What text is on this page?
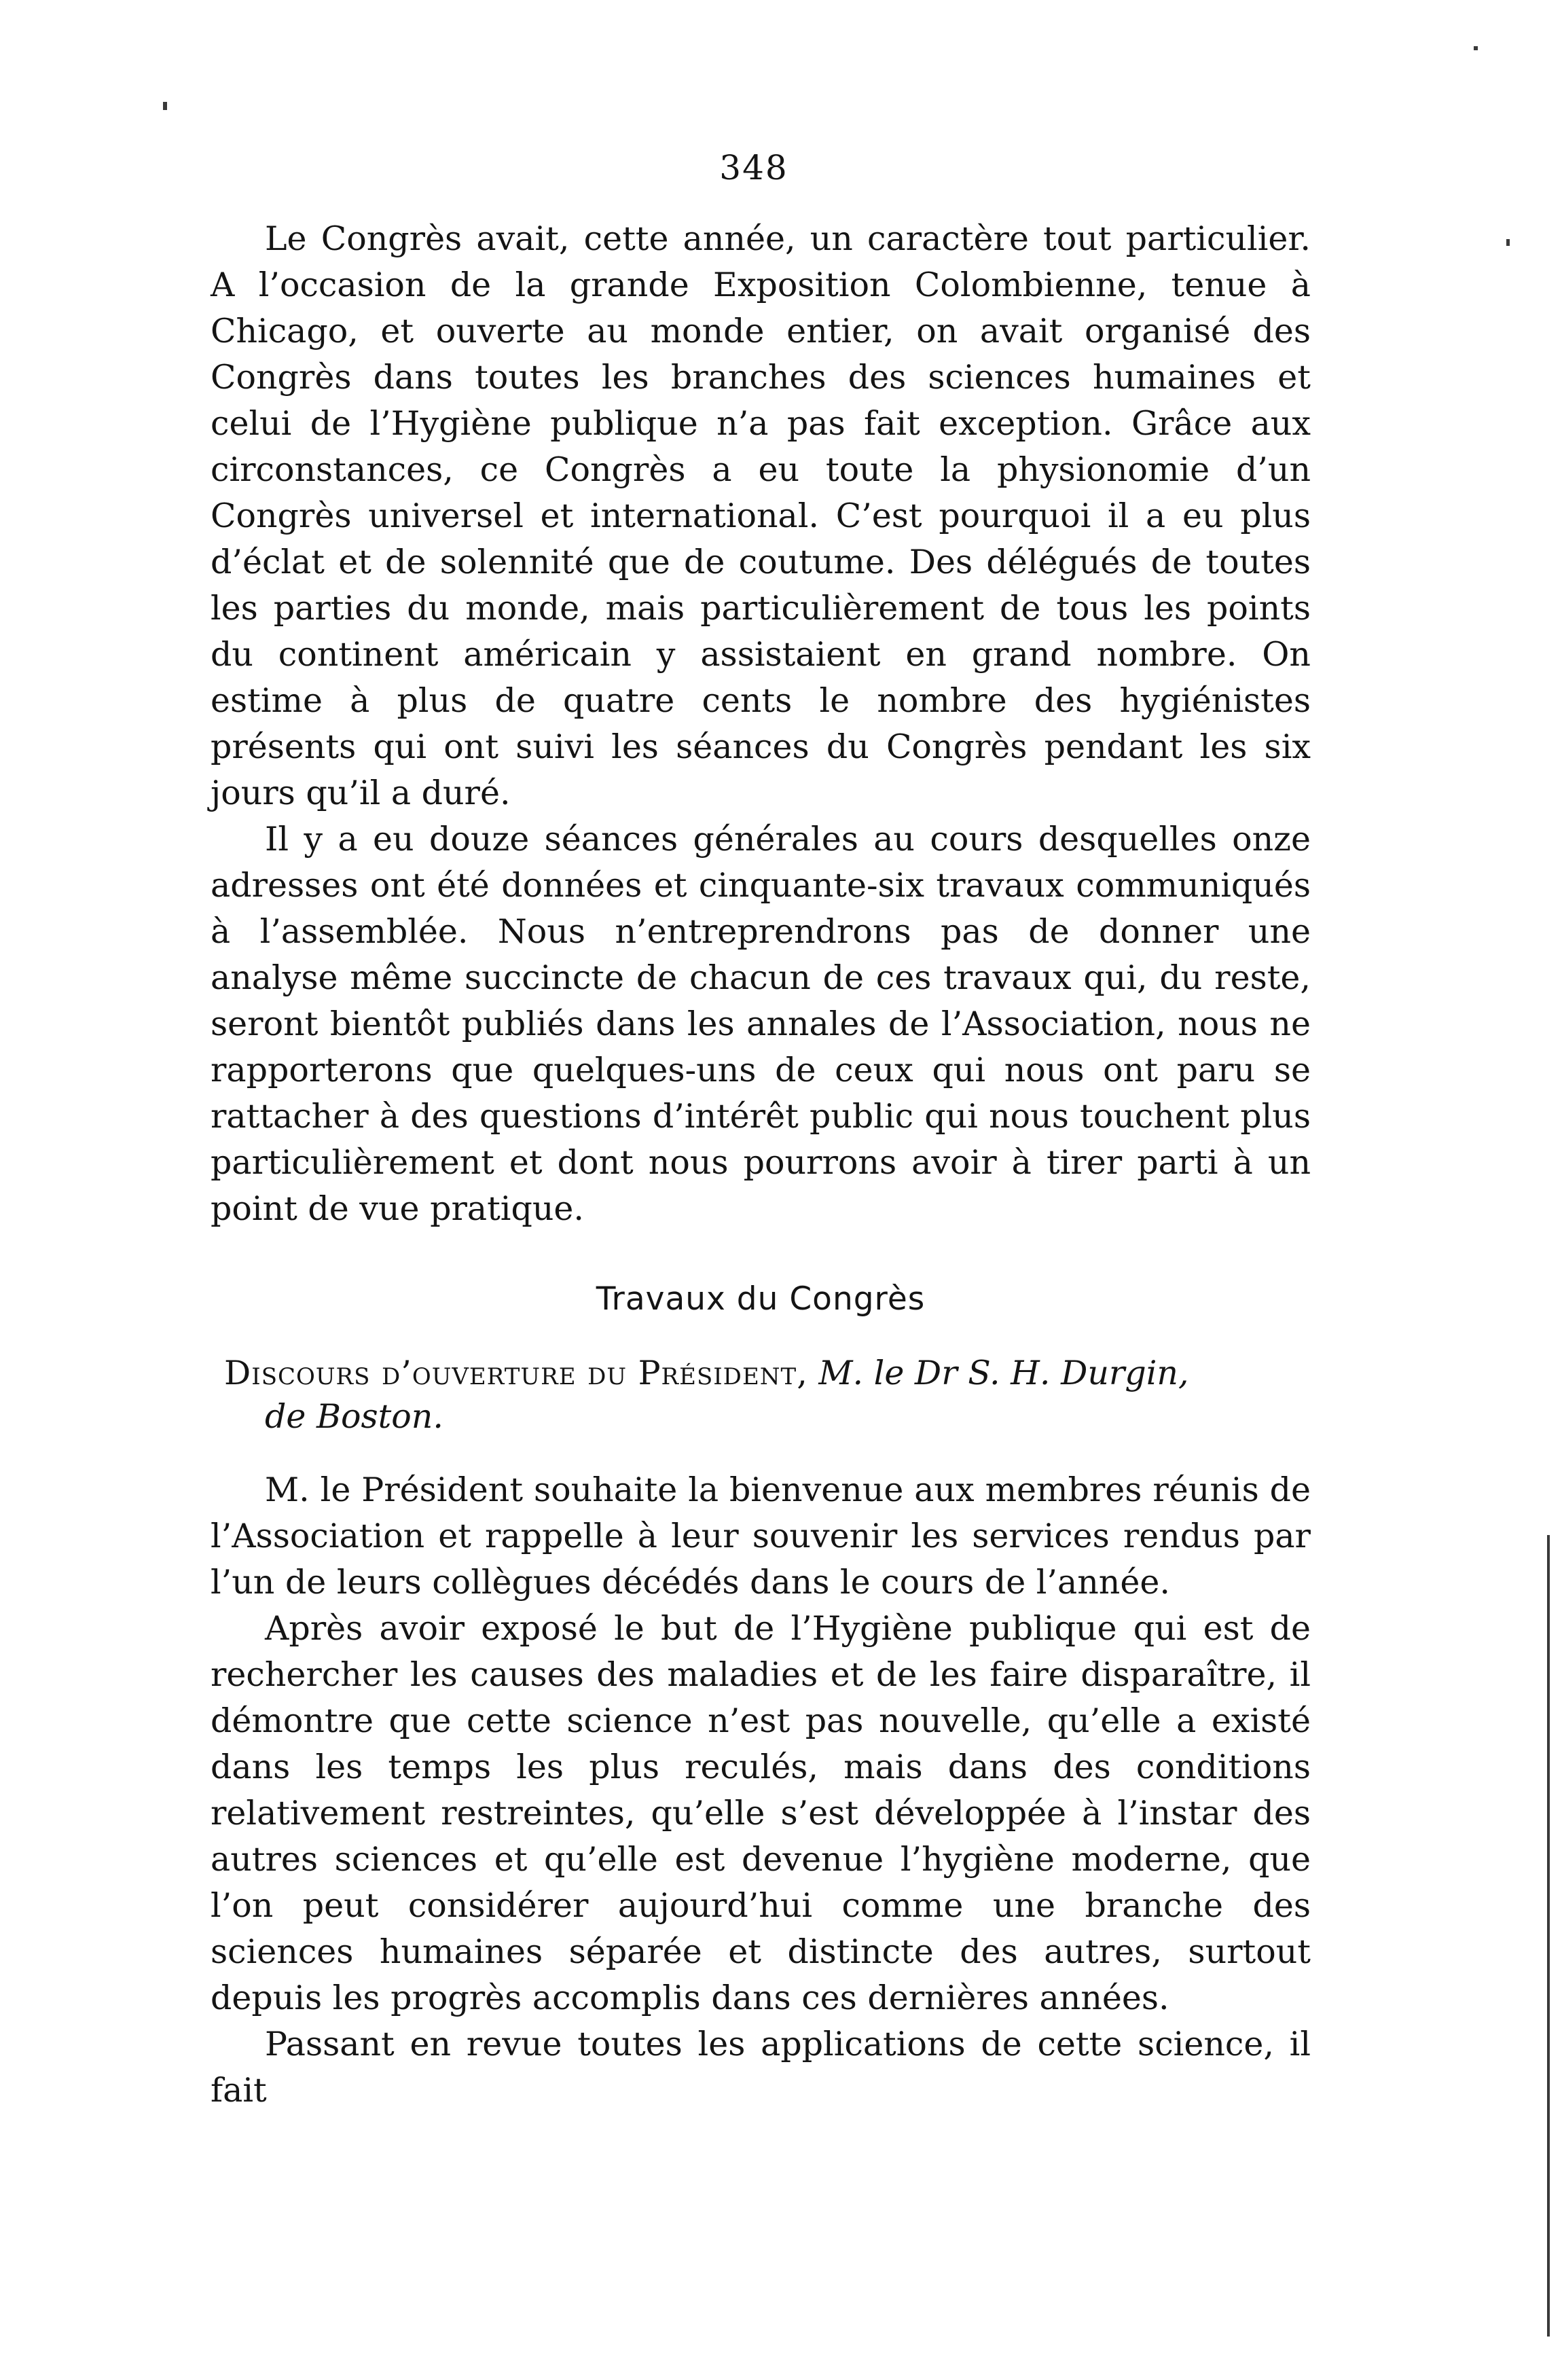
348

Le Congrès avait, cette année, un caractère tout particulier. A l’occasion de la grande Exposition Colombienne, tenue à Chicago, et ouverte au monde entier, on avait organisé des Congrès dans toutes les branches des sciences humaines et celui de l’Hygiène publique n’a pas fait exception. Grâce aux circonstances, ce Congrès a eu toute la physionomie d’un Congrès universel et international. C’est pourquoi il a eu plus d’éclat et de solennité que de coutume. Des délégués de toutes les parties du monde, mais particulièrement de tous les points du continent américain y assistaient en grand nombre. On estime à plus de quatre cents le nombre des hygiénistes présents qui ont suivi les séances du Congrès pendant les six jours qu’il a duré.

Il y a eu douze séances générales au cours desquelles onze adresses ont été données et cinquante-six travaux communiqués à l’assemblée. Nous n’entreprendrons pas de donner une analyse même succincte de chacun de ces travaux qui, du reste, seront bientôt publiés dans les annales de l’Association, nous ne rapporterons que quelques-uns de ceux qui nous ont paru se rattacher à des questions d’intérêt public qui nous touchent plus particulièrement et dont nous pourrons avoir à tirer parti à un point de vue pratique.

Travaux du Congrès
Discours d’ouverture du Président, M. le Dr S. H. Durgin,
de Boston.

M. le Président souhaite la bienvenue aux membres réunis de l’Association et rappelle à leur souvenir les services rendus par l’un de leurs collègues décédés dans le cours de l’année.

Après avoir exposé le but de l’Hygiène publique qui est de rechercher les causes des maladies et de les faire disparaître, il démontre que cette science n’est pas nouvelle, qu’elle a existé dans les temps les plus reculés, mais dans des conditions relativement restreintes, qu’elle s’est développée à l’instar des autres sciences et qu’elle est devenue l’hygiène moderne, que l’on peut considérer aujourd’hui comme une branche des sciences humaines séparée et distincte des autres, surtout depuis les progrès accomplis dans ces dernières années.

Passant en revue toutes les applications de cette science, il fait
